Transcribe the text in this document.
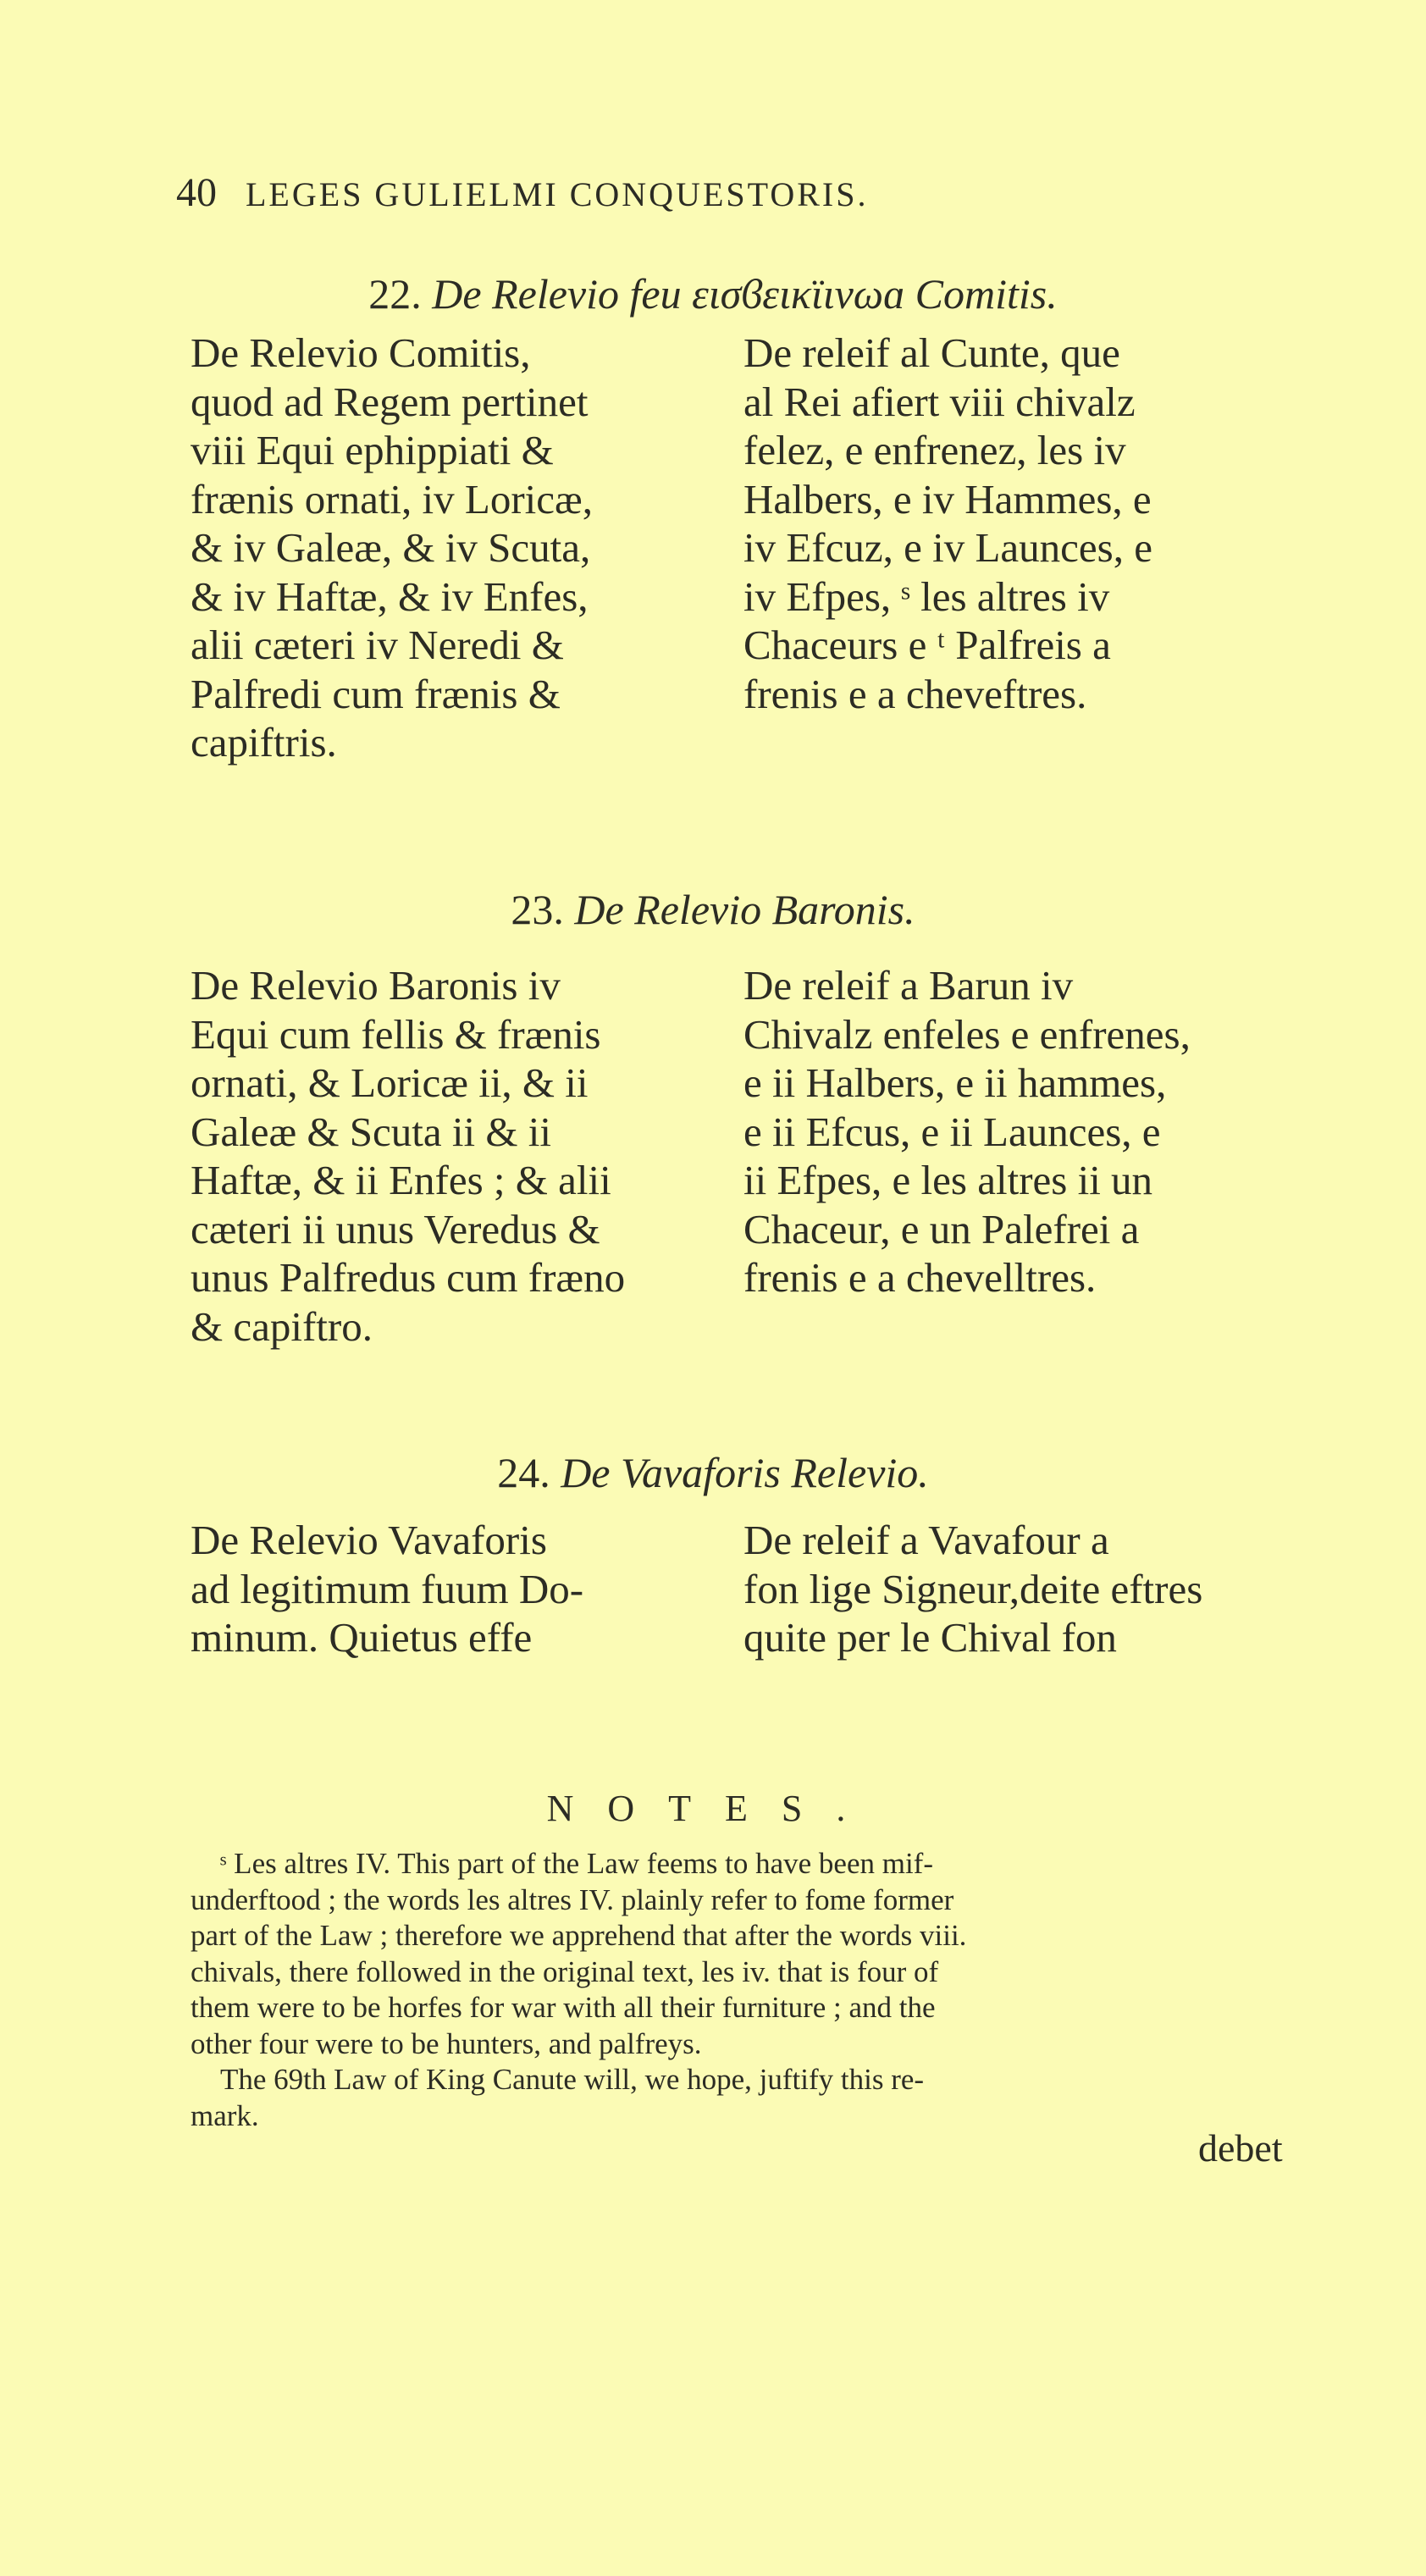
40 LEGES GULIELMI CONQUESTORIS.
22. De Relevio feu εισϐεικϊινωɑ Comitis.
De Relevio Comitis,
quod ad Regem pertinet
viii Equi ephippiati &
frænis ornati, iv Loricæ,
& iv Galeæ, & iv Scuta,
& iv Haftæ, & iv Enfes,
alii cæteri iv Neredi &
Palfredi cum frænis &
capiftris.
De releif al Cunte, que
al Rei afiert viii chivalz
felez, e enfrenez, les iv
Halbers, e iv Hammes, e
iv Efcuz, e iv Launces, e
iv Efpes, ˢ les altres iv
Chaceurs e ᵗ Palfreis a
frenis e a cheveftres.
23. De Relevio Baronis.
De Relevio Baronis iv
Equi cum fellis & frænis
ornati, & Loricæ ii, & ii
Galeæ & Scuta ii & ii
Haftæ, & ii Enfes ; & alii
cæteri ii unus Veredus &
unus Palfredus cum fræno
& capiftro.
De releif a Barun iv
Chivalz enfeles e enfrenes,
e ii Halbers, e ii hammes,
e ii Efcus, e ii Launces, e
ii Efpes, e les altres ii un
Chaceur, e un Palefrei a
frenis e a chevelltres.
24. De Vavaforis Relevio.
De Relevio Vavaforis
ad legitimum fuum Do-
minum. Quietus effe
De releif a Vavafour a
fon lige Signeur,deite eftres
quite per le Chival fon
NOTES.
ˢ Les altres IV. This part of the Law feems to have been mif-
underftood ; the words les altres IV. plainly refer to fome former
part of the Law ; therefore we apprehend that after the words viii.
chivals, there followed in the original text, les iv. that is four of
them were to be horfes for war with all their furniture ; and the
other four were to be hunters, and palfreys.
The 69th Law of King Canute will, we hope, juftify this re-
mark.
debet
